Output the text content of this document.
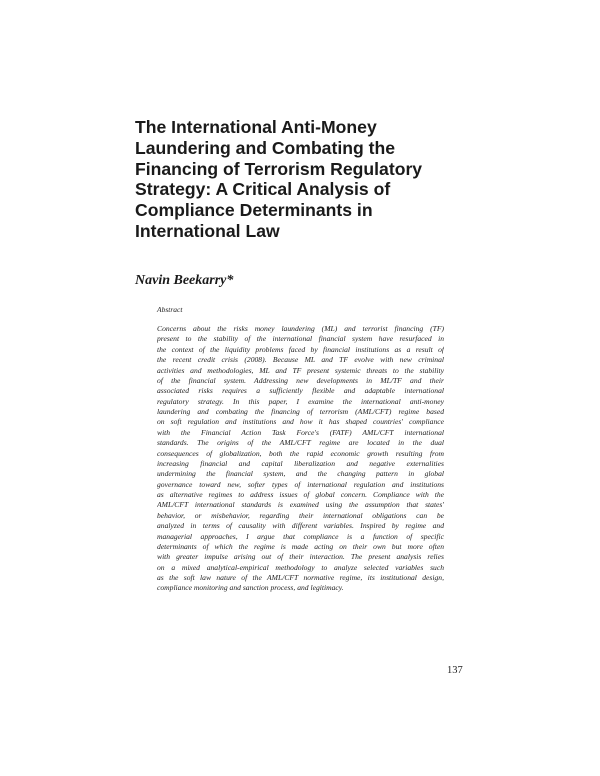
The International Anti-Money
Laundering and Combating the
Financing of Terrorism Regulatory
Strategy: A Critical Analysis of
Compliance Determinants in
International Law
Navin Beekarry*
Abstract

Concerns about the risks money laundering (ML) and terrorist financing (TF)
present to the stability of the international financial system have resurfaced in
the context of the liquidity problems faced by financial institutions as a result of
the recent credit crisis (2008). Because ML and TF evolve with new criminal
activities and methodologies, ML and TF present systemic threats to the stability
of the financial system. Addressing new developments in ML/TF and their
associated risks requires a sufficiently flexible and adaptable international
regulatory strategy. In this paper, I examine the international anti-money
laundering and combating the financing of terrorism (AML/CFT) regime based
on soft regulation and institutions and how it has shaped countries' compliance
with the Financial Action Task Force's (FATF) AML/CFT international
standards. The origins of the AML/CFT regime are located in the dual
consequences of globalization, both the rapid economic growth resulting from
increasing financial and capital liberalization and negative externalities
undermining the financial system, and the changing pattern in global
governance toward new, softer types of international regulation and institutions
as alternative regimes to address issues of global concern. Compliance with the
AML/CFT international standards is examined using the assumption that states'
behavior, or misbehavior, regarding their international obligations can be
analyzed in terms of causality with different variables. Inspired by regime and
managerial approaches, I argue that compliance is a function of specific
determinants of which the regime is made acting on their own but more often
with greater impulse arising out of their interaction. The present analysis relies
on a mixed analytical-empirical methodology to analyze selected variables such
as the soft law nature of the AML/CFT normative regime, its institutional design,
compliance monitoring and sanction process, and legitimacy.

137
